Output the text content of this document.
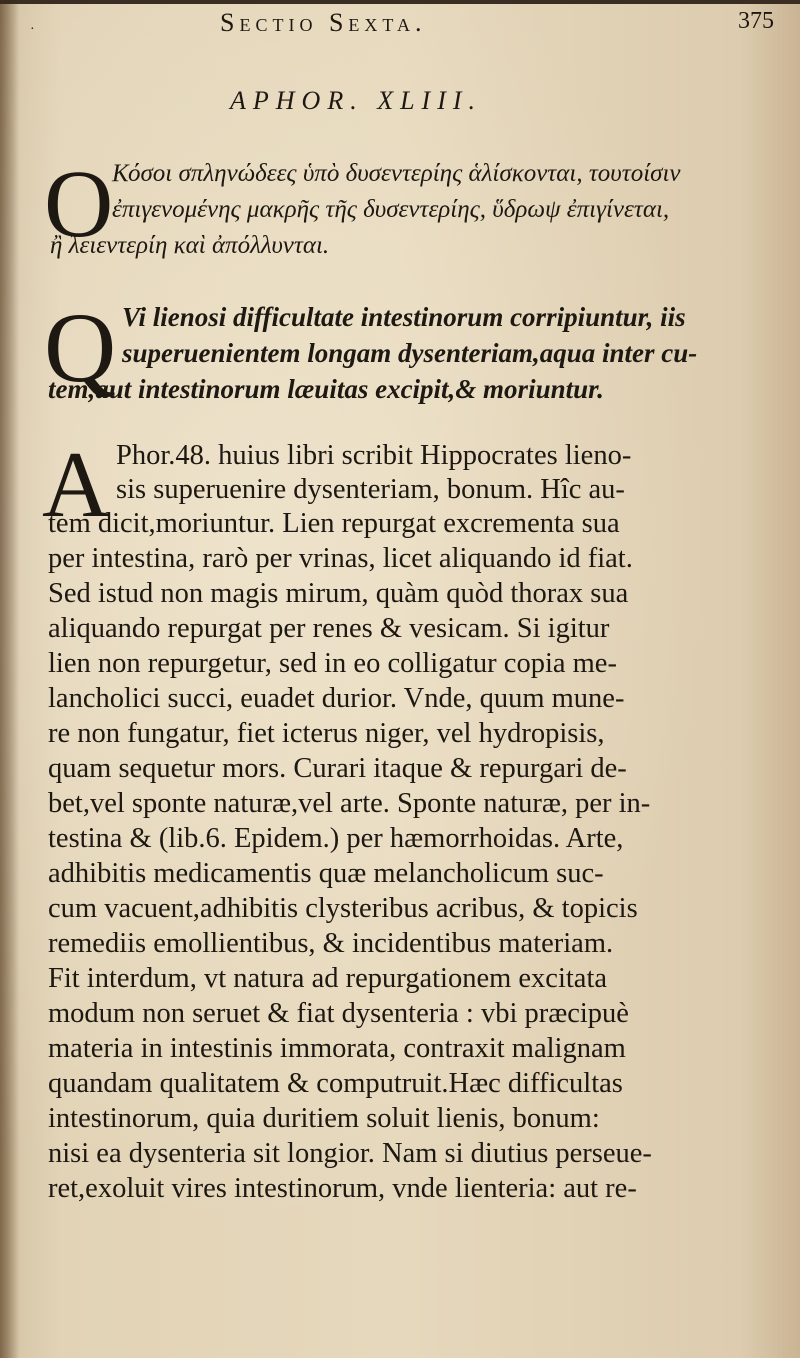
·	Sectio Sexta.	375
APHOR. XLIII.
O

Κόσοι σπληνώδεες ὑπὸ δυσεντερίης ἁλίσκονται, τουτοίσιν

ἐπιγενομένης μακρῆς τῆς δυσεντερίης, ὕδρωψ ἐπιγίνεται,

ἢ λειεντερίη καὶ ἀπόλλυνται.

Q Vi lienosi difficultate intestinorum corripiuntur, iis

superuenientem longam dysenteriam,aqua inter cu-

tem,aut intestinorum læuitas excipit,& moriuntur.

A Phor.48. huius libri scribit Hippocrates lieno-

sis superuenire dysenteriam, bonum. Hîc au-

tem dicit,moriuntur. Lien repurgat excrementa sua

per intestina, rarò per vrinas, licet aliquando id fiat.

Sed istud non magis mirum, quàm quòd thorax sua

aliquando repurgat per renes & vesicam. Si igitur

lien non repurgetur, sed in eo colligatur copia me-

lancholici succi, euadet durior. Vnde, quum mune-

re non fungatur, fiet icterus niger, vel hydropisis,

quam sequetur mors. Curari itaque & repurgari de-

bet,vel sponte naturæ,vel arte. Sponte naturæ, per in-

testina & (lib.6. Epidem.) per hæmorrhoidas. Arte,

adhibitis medicamentis quæ melancholicum suc-

cum vacuent,adhibitis clysteribus acribus, & topicis

remediis emollientibus, & incidentibus materiam.

Fit interdum, vt natura ad repurgationem excitata

modum non seruet & fiat dysenteria : vbi præcipuè

materia in intestinis immorata, contraxit malignam

quandam qualitatem & computruit.Hæc difficultas

intestinorum, quia duritiem soluit lienis, bonum:

nisi ea dysenteria sit longior. Nam si diutius perseue-

ret,exoluit vires intestinorum, vnde lienteria: aut re-
